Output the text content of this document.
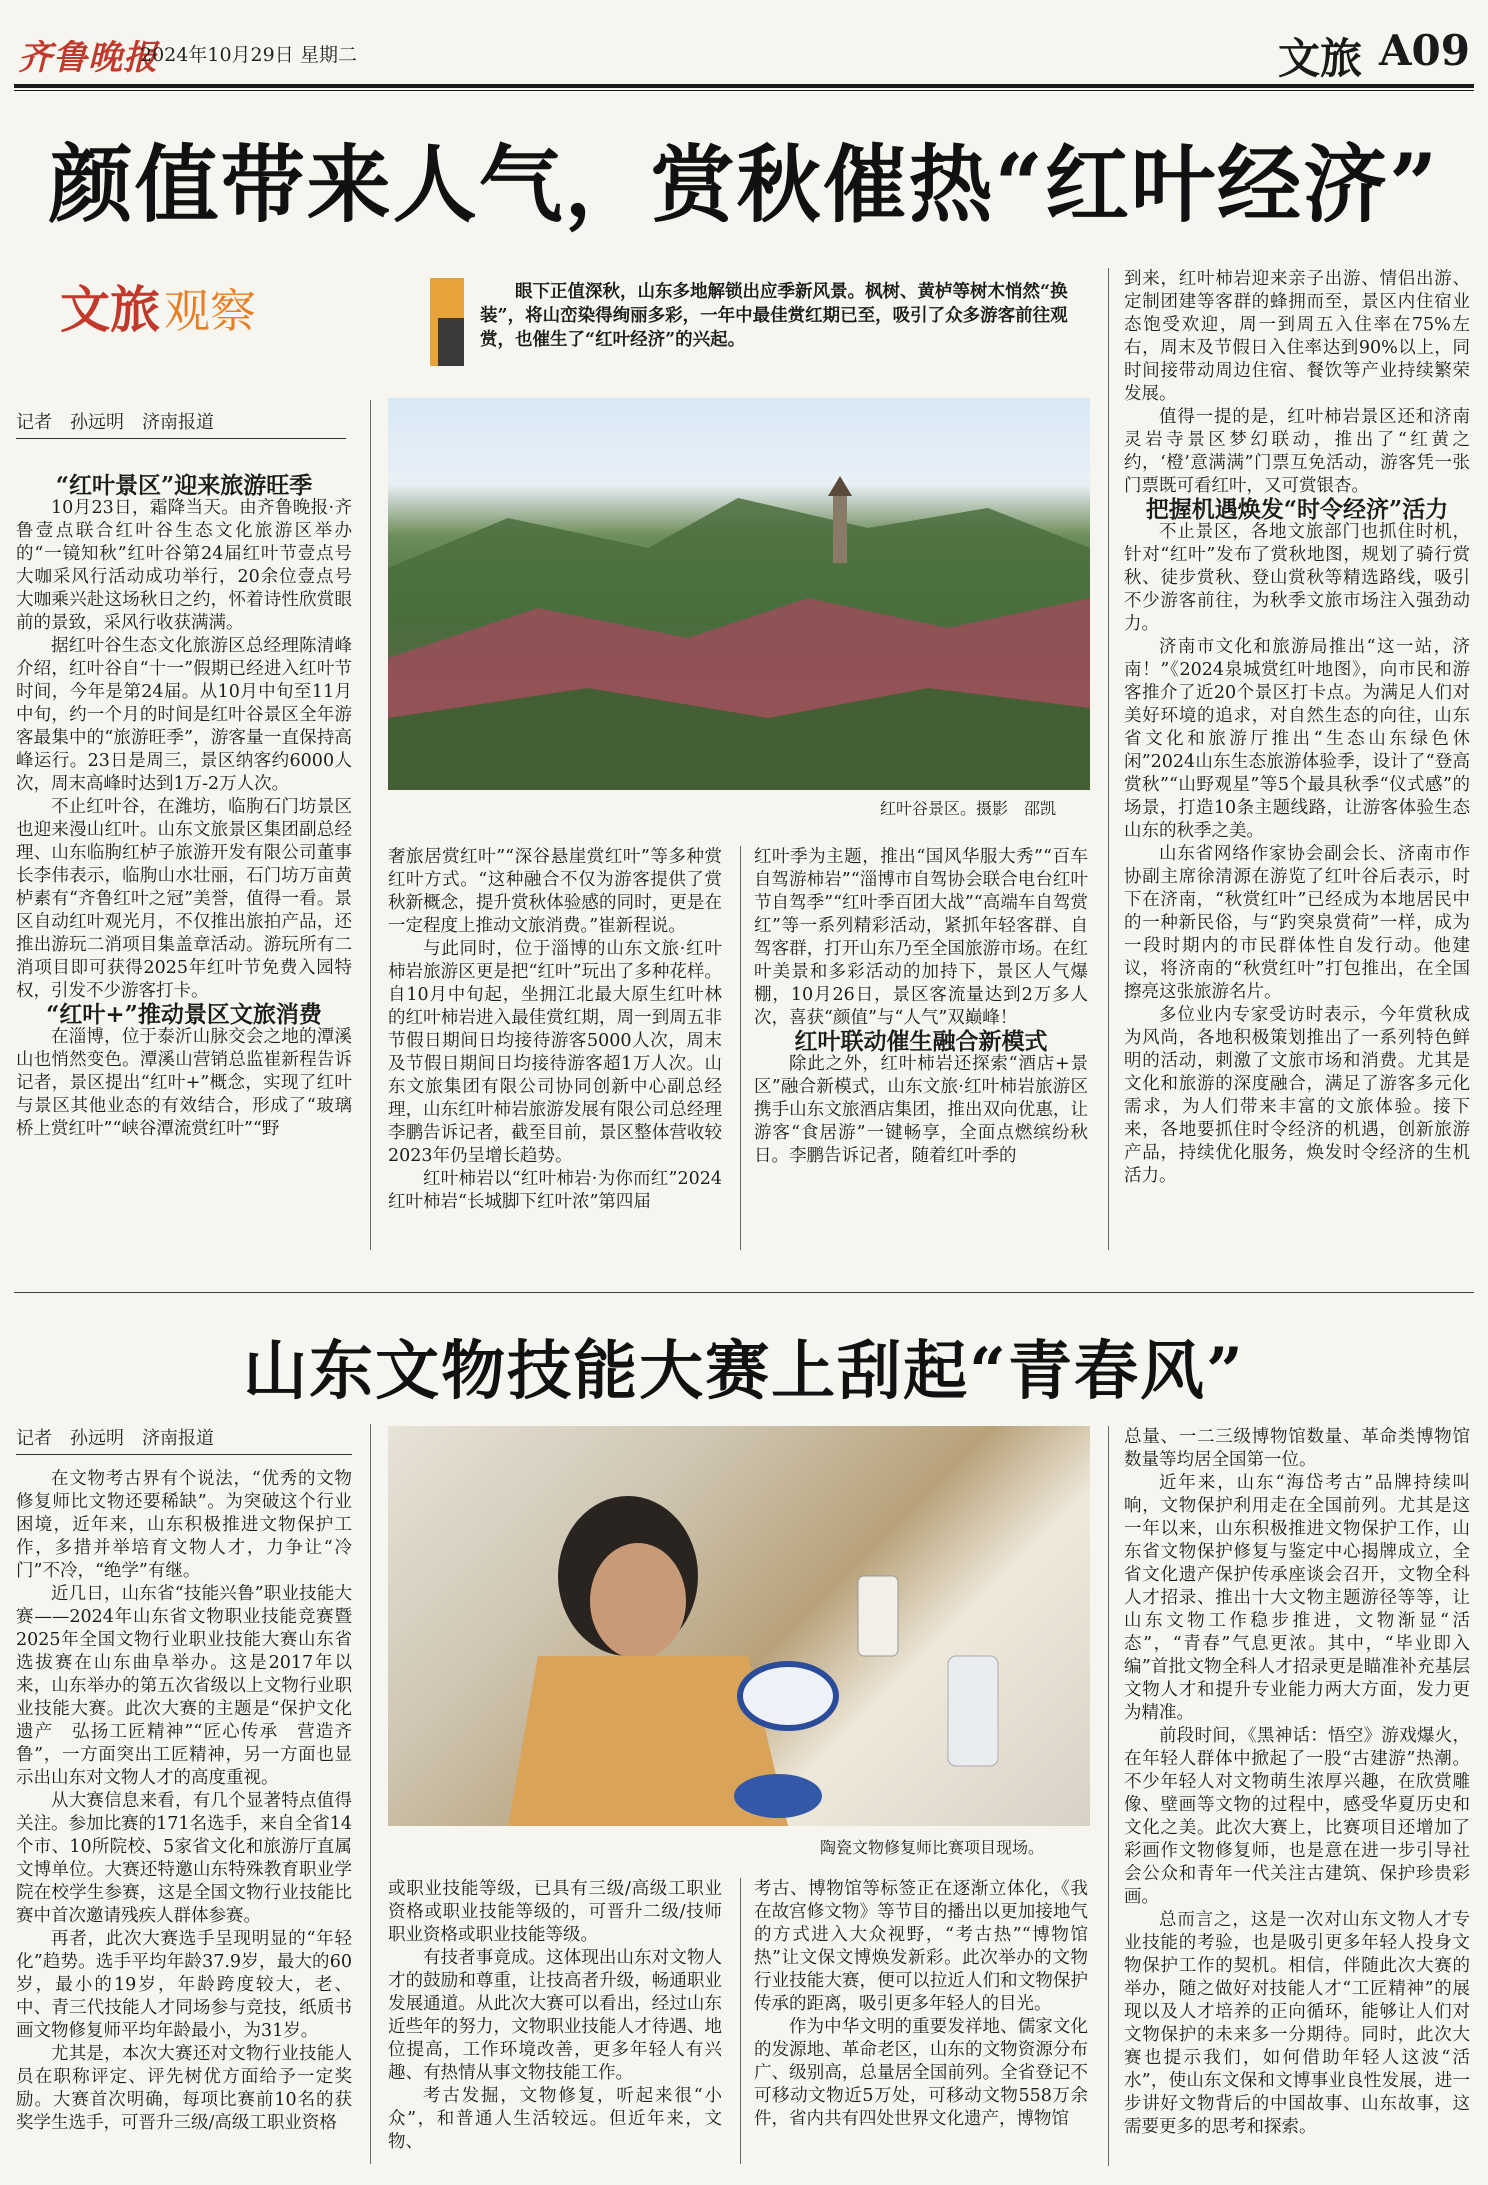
齐鲁晚报
2024年10月29日 星期二	文旅 A09
颜值带来人气，赏秋催热“红叶经济”
文旅观察
记者　孙远明　济南报道
眼下正值深秋，山东多地解锁出应季新风景。枫树、黄栌等树木悄然“换装”，将山峦染得绚丽多彩，一年中最佳赏红期已至，吸引了众多游客前往观赏，也催生了“红叶经济”的兴起。
红叶谷景区。摄影　邵凯

“红叶景区”迎来旅游旺季

10月23日，霜降当天。由齐鲁晚报·齐鲁壹点联合红叶谷生态文化旅游区举办的“一镜知秋”红叶谷第24届红叶节壹点号大咖采风行活动成功举行，20余位壹点号大咖乘兴赴这场秋日之约，怀着诗性欣赏眼前的景致，采风行收获满满。

据红叶谷生态文化旅游区总经理陈清峰介绍，红叶谷自“十一”假期已经进入红叶节时间，今年是第24届。从10月中旬至11月中旬，约一个月的时间是红叶谷景区全年游客最集中的“旅游旺季”，游客量一直保持高峰运行。23日是周三，景区纳客约6000人次，周末高峰时达到1万-2万人次。

不止红叶谷，在潍坊，临朐石门坊景区也迎来漫山红叶。山东文旅景区集团副总经理、山东临朐红栌子旅游开发有限公司董事长李伟表示，临朐山水壮丽，石门坊万亩黄栌素有“齐鲁红叶之冠”美誉，值得一看。景区自动红叶观光月，不仅推出旅拍产品，还推出游玩二消项目集盖章活动。游玩所有二消项目即可获得2025年红叶节免费入园特权，引发不少游客打卡。

“红叶+”推动景区文旅消费

在淄博，位于泰沂山脉交会之地的潭溪山也悄然变色。潭溪山营销总监崔新程告诉记者，景区提出“红叶+”概念，实现了红叶与景区其他业态的有效结合，形成了“玻璃桥上赏红叶”“峡谷潭流赏红叶”“野

奢旅居赏红叶”“深谷悬崖赏红叶”等多种赏红叶方式。“这种融合不仅为游客提供了赏秋新概念，提升赏秋体验感的同时，更是在一定程度上推动文旅消费。”崔新程说。

与此同时，位于淄博的山东文旅·红叶柿岩旅游区更是把“红叶”玩出了多种花样。自10月中旬起，坐拥江北最大原生红叶林的红叶柿岩进入最佳赏红期，周一到周五非节假日期间日均接待游客5000人次，周末及节假日期间日均接待游客超1万人次。山东文旅集团有限公司协同创新中心副总经理，山东红叶柿岩旅游发展有限公司总经理李鹏告诉记者，截至目前，景区整体营收较2023年仍呈增长趋势。

红叶柿岩以“红叶柿岩·为你而红”2024红叶柿岩“长城脚下红叶浓”第四届

红叶季为主题，推出“国风华服大秀”“百车自驾游柿岩”“淄博市自驾协会联合电台红叶节自驾季”“红叶季百团大战”“高端车自驾赏红”等一系列精彩活动，紧抓年轻客群、自驾客群，打开山东乃至全国旅游市场。在红叶美景和多彩活动的加持下，景区人气爆棚，10月26日，景区客流量达到2万多人次，喜获“颜值”与“人气”双巅峰！

红叶联动催生融合新模式

除此之外，红叶柿岩还探索“酒店+景区”融合新模式，山东文旅·红叶柿岩旅游区携手山东文旅酒店集团，推出双向优惠，让游客“食居游”一键畅享，全面点燃缤纷秋日。李鹏告诉记者，随着红叶季的

到来，红叶柿岩迎来亲子出游、情侣出游、定制团建等客群的蜂拥而至，景区内住宿业态饱受欢迎，周一到周五入住率在75%左右，周末及节假日入住率达到90%以上，同时间接带动周边住宿、餐饮等产业持续繁荣发展。

值得一提的是，红叶柿岩景区还和济南灵岩寺景区梦幻联动，推出了“红黄之约，‘橙’意满满”门票互免活动，游客凭一张门票既可看红叶，又可赏银杏。

把握机遇焕发“时令经济”活力

不止景区，各地文旅部门也抓住时机，针对“红叶”发布了赏秋地图，规划了骑行赏秋、徒步赏秋、登山赏秋等精选路线，吸引不少游客前往，为秋季文旅市场注入强劲动力。

济南市文化和旅游局推出“这一站，济南！”《2024泉城赏红叶地图》，向市民和游客推介了近20个景区打卡点。为满足人们对美好环境的追求，对自然生态的向往，山东省文化和旅游厅推出“生态山东绿色休闲”2024山东生态旅游体验季，设计了“登高赏秋”“山野观星”等5个最具秋季“仪式感”的场景，打造10条主题线路，让游客体验生态山东的秋季之美。

山东省网络作家协会副会长、济南市作协副主席徐清源在游览了红叶谷后表示，时下在济南，“秋赏红叶”已经成为本地居民中的一种新民俗，与“趵突泉赏荷”一样，成为一段时期内的市民群体性自发行动。他建议，将济南的“秋赏红叶”打包推出，在全国擦亮这张旅游名片。

多位业内专家受访时表示，今年赏秋成为风尚，各地积极策划推出了一系列特色鲜明的活动，刺激了文旅市场和消费。尤其是文化和旅游的深度融合，满足了游客多元化需求，为人们带来丰富的文旅体验。接下来，各地要抓住时令经济的机遇，创新旅游产品，持续优化服务，焕发时令经济的生机活力。

山东文物技能大赛上刮起“青春风”
记者　孙远明　济南报道
陶瓷文物修复师比赛项目现场。

在文物考古界有个说法，“优秀的文物修复师比文物还要稀缺”。为突破这个行业困境，近年来，山东积极推进文物保护工作，多措并举培育文物人才，力争让“冷门”不冷，“绝学”有继。

近几日，山东省“技能兴鲁”职业技能大赛——2024年山东省文物职业技能竞赛暨2025年全国文物行业职业技能大赛山东省选拔赛在山东曲阜举办。这是2017年以来，山东举办的第五次省级以上文物行业职业技能大赛。此次大赛的主题是“保护文化遗产　弘扬工匠精神”“匠心传承　营造齐鲁”，一方面突出工匠精神，另一方面也显示出山东对文物人才的高度重视。

从大赛信息来看，有几个显著特点值得关注。参加比赛的171名选手，来自全省14个市、10所院校、5家省文化和旅游厅直属文博单位。大赛还特邀山东特殊教育职业学院在校学生参赛，这是全国文物行业技能比赛中首次邀请残疾人群体参赛。

再者，此次大赛选手呈现明显的“年轻化”趋势。选手平均年龄37.9岁，最大的60岁，最小的19岁，年龄跨度较大，老、中、青三代技能人才同场参与竞技，纸质书画文物修复师平均年龄最小，为31岁。

尤其是，本次大赛还对文物行业技能人员在职称评定、评先树优方面给予一定奖励。大赛首次明确，每项比赛前10名的获奖学生选手，可晋升三级/高级工职业资格

或职业技能等级，已具有三级/高级工职业资格或职业技能等级的，可晋升二级/技师职业资格或职业技能等级。

有技者事竟成。这体现出山东对文物人才的鼓励和尊重，让技高者升级，畅通职业发展通道。从此次大赛可以看出，经过山东近些年的努力，文物职业技能人才待遇、地位提高，工作环境改善，更多年轻人有兴趣、有热情从事文物技能工作。

考古发掘，文物修复，听起来很“小众”，和普通人生活较远。但近年来，文物、

考古、博物馆等标签正在逐渐立体化，《我在故宫修文物》等节目的播出以更加接地气的方式进入大众视野，“考古热”“博物馆热”让文保文博焕发新彩。此次举办的文物行业技能大赛，便可以拉近人们和文物保护传承的距离，吸引更多年轻人的目光。

作为中华文明的重要发祥地、儒家文化的发源地、革命老区，山东的文物资源分布广、级别高，总量居全国前列。全省登记不可移动文物近5万处，可移动文物558万余件，省内共有四处世界文化遗产，博物馆

总量、一二三级博物馆数量、革命类博物馆数量等均居全国第一位。

近年来，山东“海岱考古”品牌持续叫响，文物保护利用走在全国前列。尤其是这一年以来，山东积极推进文物保护工作，山东省文物保护修复与鉴定中心揭牌成立，全省文化遗产保护传承座谈会召开，文物全科人才招录、推出十大文物主题游径等等，让山东文物工作稳步推进，文物渐显“活态”，“青春”气息更浓。其中，“毕业即入编”首批文物全科人才招录更是瞄准补充基层文物人才和提升专业能力两大方面，发力更为精准。

前段时间，《黑神话：悟空》游戏爆火，在年轻人群体中掀起了一股“古建游”热潮。不少年轻人对文物萌生浓厚兴趣，在欣赏雕像、壁画等文物的过程中，感受华夏历史和文化之美。此次大赛上，比赛项目还增加了彩画作文物修复师，也是意在进一步引导社会公众和青年一代关注古建筑、保护珍贵彩画。

总而言之，这是一次对山东文物人才专业技能的考验，也是吸引更多年轻人投身文物保护工作的契机。相信，伴随此次大赛的举办，随之做好对技能人才“工匠精神”的展现以及人才培养的正向循环，能够让人们对文物保护的未来多一分期待。同时，此次大赛也提示我们，如何借助年轻人这波“活水”，使山东文保和文博事业良性发展，进一步讲好文物背后的中国故事、山东故事，这需要更多的思考和探索。
